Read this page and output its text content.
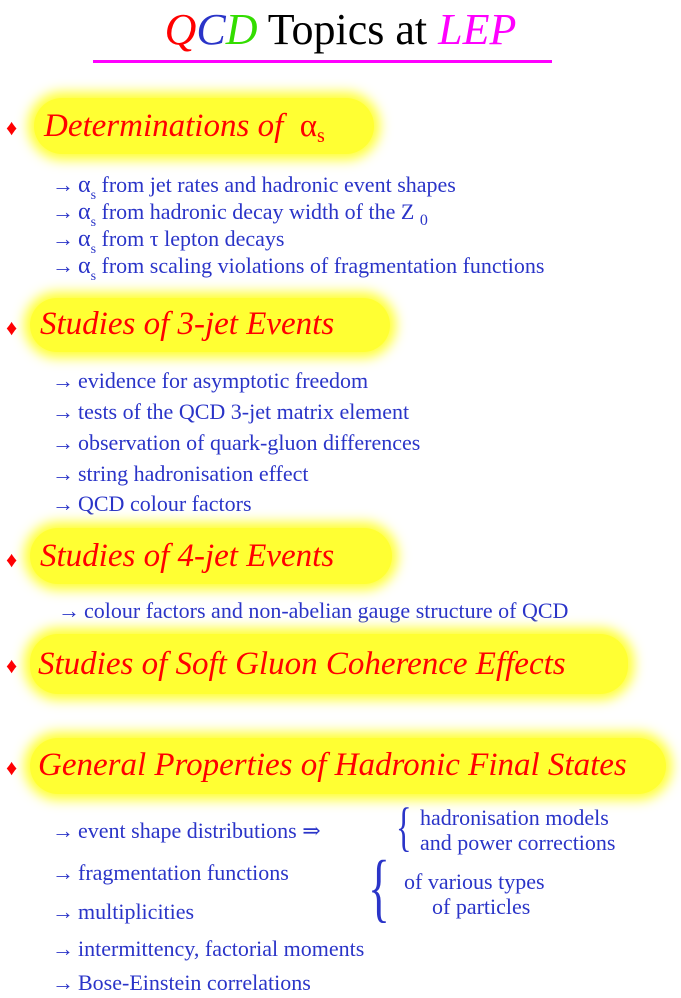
QCD Topics at LEP
♦ Determinations of $\alpha_s$
→ $\alpha_s$ from jet rates and hadronic event shapes
→ $\alpha_s$ from hadronic decay width of the Z $_0$
→ $\alpha_s$ from τ lepton decays
→ $\alpha_s$ from scaling violations of fragmentation functions
♦ Studies of 3-jet Events
→ evidence for asymptotic freedom
→ tests of the QCD 3-jet matrix element
→ observation of quark-gluon differences
→ string hadronisation effect
→ QCD colour factors
♦ Studies of 4-jet Events
→ colour factors and non-abelian gauge structure of QCD
♦ Studies of Soft Gluon Coherence Effects
♦ General Properties of Hadronic Final States
→ event shape distributions ⇒ { hadronisation models
and power corrections
→ fragmentation functions
→ multiplicities { of various types
of particles
→ intermittency, factorial moments
→ Bose-Einstein correlations
